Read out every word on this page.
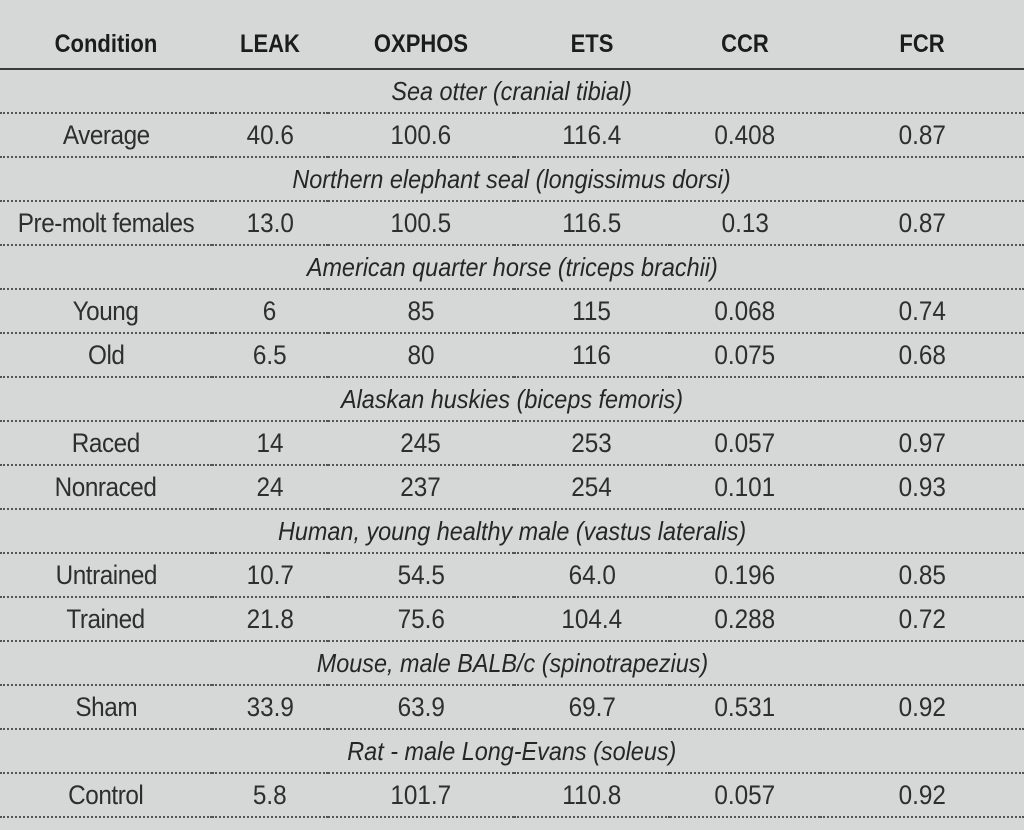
Condition	LEAK	OXPHOS	ETS	CCR	FCR
Sea otter (cranial tibial)					
Average	40.6	100.6	116.4	0.408	0.87
Northern elephant seal (longissimus dorsi)					
Pre-molt females	13.0	100.5	116.5	0.13	0.87
American quarter horse (triceps brachii)					
Young	6	85	115	0.068	0.74
Old	6.5	80	116	0.075	0.68
Alaskan huskies (biceps femoris)					
Raced	14	245	253	0.057	0.97
Nonraced	24	237	254	0.101	0.93
Human, young healthy male (vastus lateralis)					
Untrained	10.7	54.5	64.0	0.196	0.85
Trained	21.8	75.6	104.4	0.288	0.72
Mouse, male BALB/c (spinotrapezius)					
Sham	33.9	63.9	69.7	0.531	0.92
Rat - male Long-Evans (soleus)					
Control	5.8	101.7	110.8	0.057	0.92
